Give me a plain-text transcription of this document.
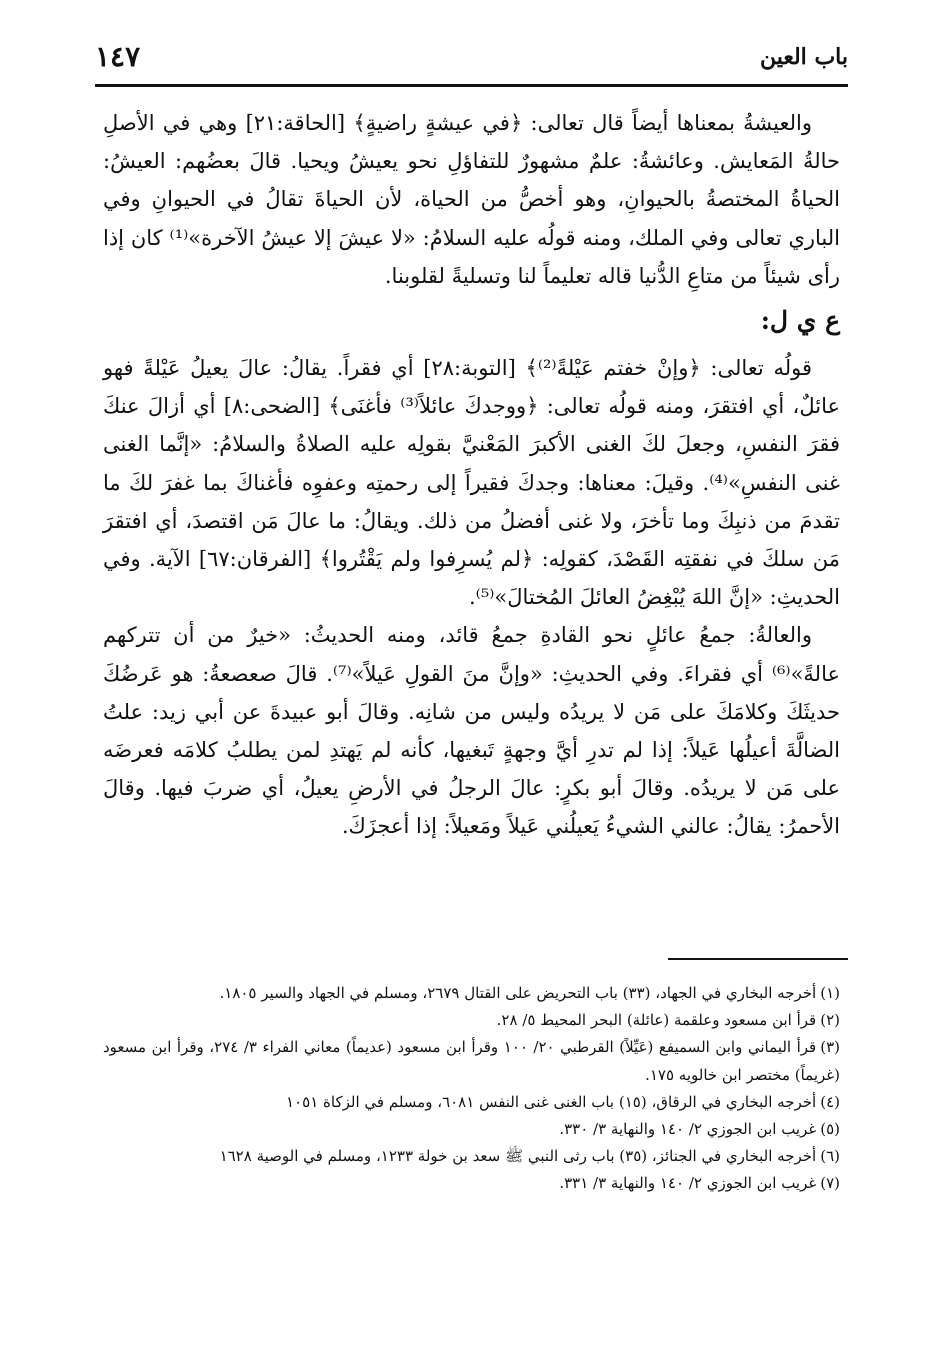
باب العين
١٤٧

والعيشةُ بمعناها أيضاً قال تعالى: ﴿في عيشةٍ راضيةٍ﴾ [الحاقة:٢١] وهي في الأصلِ حالةُ المَعايش. وعائشةُ: علمٌ مشهورٌ للتفاؤلِ نحو يعيشُ ويحيا. قالَ بعضُهم: العيشُ: الحياةُ المختصةُ بالحيوانِ، وهو أخصُّ من الحياة، لأن الحياةَ تقالُ في الحيوانِ وفي الباري تعالى وفي الملك، ومنه قولُه عليه السلامُ: «لا عيشَ إلا عيشُ الآخرة»⁽¹⁾ كان إذا رأى شيئاً من متاعِ الدُّنيا قاله تعليماً لنا وتسليةً لقلوبنا.

ع ي ل:

قولُه تعالى: ﴿وإنْ خفتم عَيْلةً⁽²⁾﴾ [التوبة:٢٨] أي فقراً. يقالُ: عالَ يعيلُ عَيْلةً فهو عائلٌ، أي افتقرَ، ومنه قولُه تعالى: ﴿ووجدكَ عائلاً⁽³⁾ فأغنَى﴾ [الضحى:٨] أي أزالَ عنكَ فقرَ النفسِ، وجعلَ لكَ الغنى الأكبرَ المَعْنيَّ بقولِه عليه الصلاةُ والسلامُ: «إنَّما الغنى غنى النفسِ»⁽⁴⁾. وقيلَ: معناها: وجدكَ فقيراً إلى رحمتِه وعفوِه فأغناكَ بما غفرَ لكَ ما تقدمَ من ذنبِكَ وما تأخرَ، ولا غنى أفضلُ من ذلك. ويقالُ: ما عالَ مَن اقتصدَ، أي افتقرَ مَن سلكَ في نفقتِه القَصْدَ، كقولِه: ﴿لم يُسرِفوا ولم يَقْتُروا﴾ [الفرقان:٦٧] الآية. وفي الحديثِ: «إنَّ اللهَ يُبْغِضُ العائلَ المُختالَ»⁽⁵⁾.

والعالةُ: جمعُ عائلٍ نحو القادةِ جمعُ قائد، ومنه الحديثُ: «خيرٌ من أن تتركهم عالةً»⁽⁶⁾ أي فقراءَ. وفي الحديثِ: «وإنَّ منَ القولِ عَيلاً»⁽⁷⁾. قالَ صعصعةُ: هو عَرضُكَ حديثَكَ وكلامَكَ على مَن لا يريدُه وليس من شانِه. وقالَ أبو عبيدةَ عن أبي زيد: علتُ الضالَّةَ أعيلُها عَيلاً: إذا لم تدرِ أيَّ وجهةٍ تَبغيها، كأنه لم يَهتدِ لمن يطلبُ كلامَه فعرضَه على مَن لا يريدُه. وقالَ أبو بكرٍ: عالَ الرجلُ في الأرضِ يعيلُ، أي ضربَ فيها. وقالَ الأحمرُ: يقالُ: عالني الشيءُ يَعيلُني عَيلاً ومَعيلاً: إذا أعجزَكَ.

(١)أخرجه البخاري في الجهاد، (٣٣) باب التحريض على القتال ٢٦٧٩، ومسلم في الجهاد والسير ١٨٠٥.
(٢)قرأ ابن مسعود وعلقمة (عائلة) البحر المحيط ٥/ ٢٨.
(٣)قرأ اليماني وابن السميفع (عَيِّلاً) القرطبي ٢٠/ ١٠٠ وقرأ ابن مسعود (عديماً) معاني الفراء ٣/ ٢٧٤، وقرأ ابن مسعود (غريماً) مختصر ابن خالويه ١٧٥.
(٤)أخرجه البخاري في الرقاق، (١٥) باب الغنى غنى النفس ٦٠٨١، ومسلم في الزكاة ١٠٥١
(٥)غريب ابن الجوزي ٢/ ١٤٠ والنهاية ٣/ ٣٣٠.
(٦)أخرجه البخاري في الجنائز، (٣٥) باب رثى النبي ﷺ سعد بن خولة ١٢٣٣، ومسلم في الوصية ١٦٢٨
(٧)غريب ابن الجوزي ٢/ ١٤٠ والنهاية ٣/ ٣٣١.
